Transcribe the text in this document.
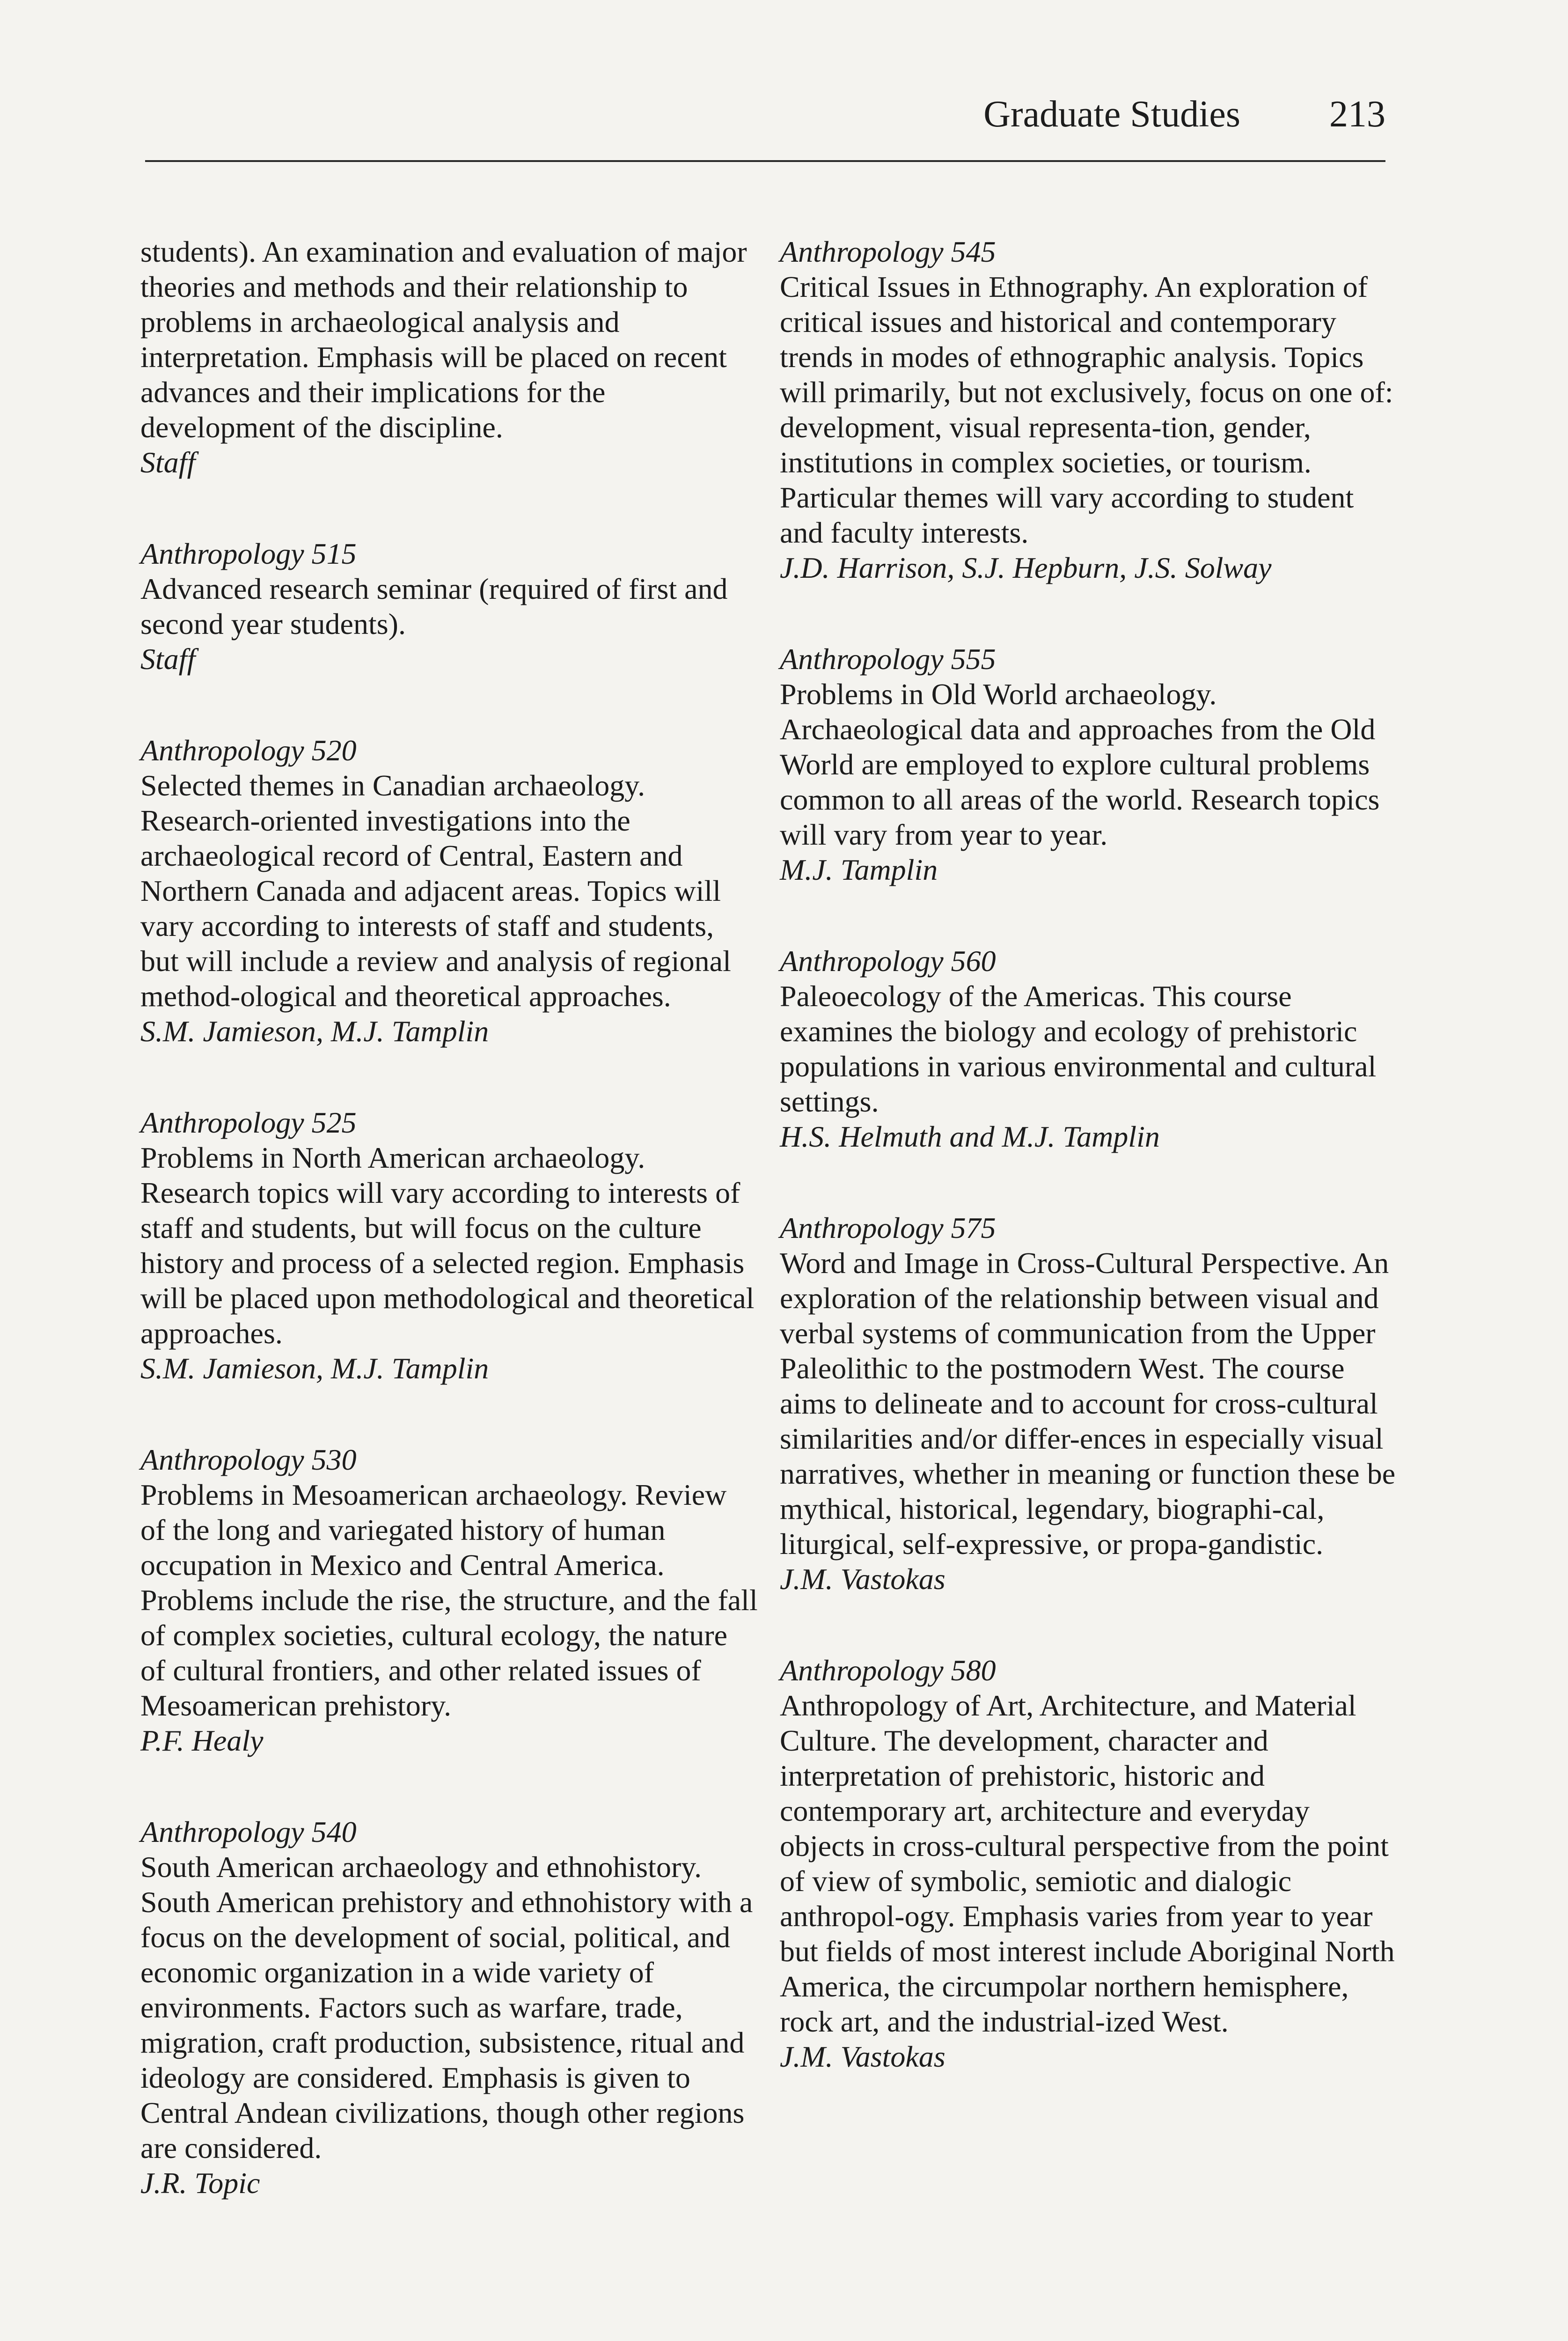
Graduate Studies 213

students). An examination and evaluation of major theories and methods and their relationship to problems in archaeological analysis and interpretation. Emphasis will be placed on recent advances and their implications for the development of the discipline.

Staff

Anthropology 515

Advanced research seminar (required of first and second year students).

Staff

Anthropology 520

Selected themes in Canadian archaeology. Research-oriented investigations into the archaeological record of Central, Eastern and Northern Canada and adjacent areas. Topics will vary according to interests of staff and students, but will include a review and analysis of regional method-ological and theoretical approaches.

S.M. Jamieson, M.J. Tamplin

Anthropology 525

Problems in North American archaeology. Research topics will vary according to interests of staff and students, but will focus on the culture history and process of a selected region. Emphasis will be placed upon methodological and theoretical approaches.

S.M. Jamieson, M.J. Tamplin

Anthropology 530

Problems in Mesoamerican archaeology. Review of the long and variegated history of human occupation in Mexico and Central America. Problems include the rise, the structure, and the fall of complex societies, cultural ecology, the nature of cultural frontiers, and other related issues of Mesoamerican prehistory.

P.F. Healy

Anthropology 540

South American archaeology and ethnohistory. South American prehistory and ethnohistory with a focus on the development of social, political, and economic organization in a wide variety of environments. Factors such as warfare, trade, migration, craft production, subsistence, ritual and ideology are considered. Emphasis is given to Central Andean civilizations, though other regions are considered.

J.R. Topic

Anthropology 545

Critical Issues in Ethnography. An exploration of critical issues and historical and contemporary trends in modes of ethnographic analysis. Topics will primarily, but not exclusively, focus on one of: development, visual representa-tion, gender, institutions in complex societies, or tourism. Particular themes will vary according to student and faculty interests.

J.D. Harrison, S.J. Hepburn, J.S. Solway

Anthropology 555

Problems in Old World archaeology. Archaeological data and approaches from the Old World are employed to explore cultural problems common to all areas of the world. Research topics will vary from year to year.

M.J. Tamplin

Anthropology 560

Paleoecology of the Americas. This course examines the biology and ecology of prehistoric populations in various environmental and cultural settings.

H.S. Helmuth and M.J. Tamplin

Anthropology 575

Word and Image in Cross-Cultural Perspective. An exploration of the relationship between visual and verbal systems of communication from the Upper Paleolithic to the postmodern West. The course aims to delineate and to account for cross-cultural similarities and/or differ-ences in especially visual narratives, whether in meaning or function these be mythical, historical, legendary, biographi-cal, liturgical, self-expressive, or propa-gandistic.

J.M. Vastokas

Anthropology 580

Anthropology of Art, Architecture, and Material Culture. The development, character and interpretation of prehistoric, historic and contemporary art, architecture and everyday objects in cross-cultural perspective from the point of view of symbolic, semiotic and dialogic anthropol-ogy. Emphasis varies from year to year but fields of most interest include Aboriginal North America, the circumpolar northern hemisphere, rock art, and the industrial-ized West.

J.M. Vastokas
